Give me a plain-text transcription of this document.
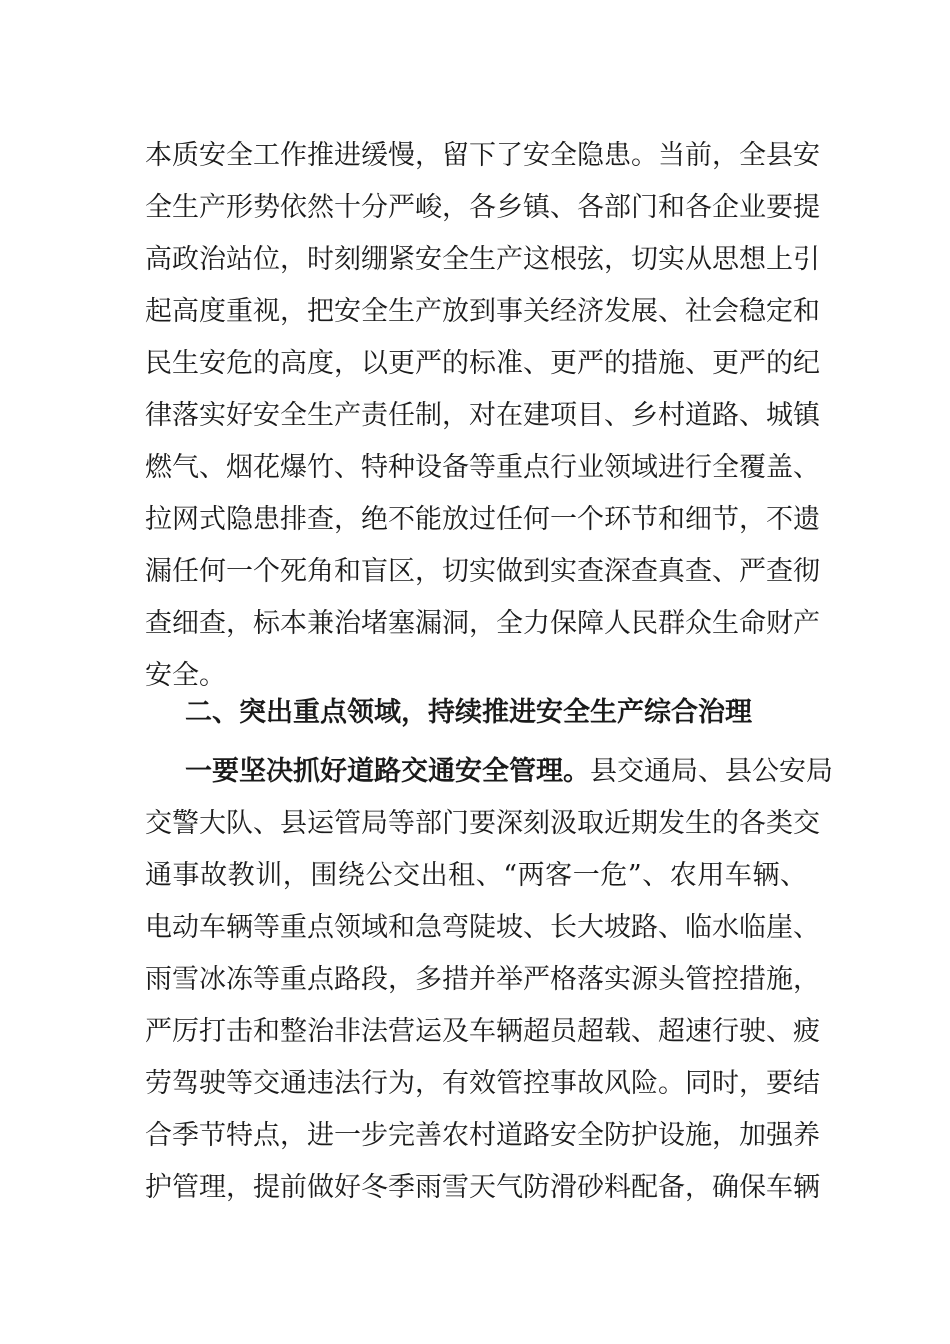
本质安全工作推进缓慢，留下了安全隐患。当前，全县安
全生产形势依然十分严峻，各乡镇、各部门和各企业要提
高政治站位，时刻绷紧安全生产这根弦，切实从思想上引
起高度重视，把安全生产放到事关经济发展、社会稳定和
民生安危的高度，以更严的标准、更严的措施、更严的纪
律落实好安全生产责任制，对在建项目、乡村道路、城镇
燃气、烟花爆竹、特种设备等重点行业领域进行全覆盖、
拉网式隐患排查，绝不能放过任何一个环节和细节，不遗
漏任何一个死角和盲区，切实做到实查深查真查、严查彻
查细查，标本兼治堵塞漏洞，全力保障人民群众生命财产
安全。
二、突出重点领域，持续推进安全生产综合治理
一要坚决抓好道路交通安全管理。县交通局、县公安局
交警大队、县运管局等部门要深刻汲取近期发生的各类交
通事故教训，围绕公交出租、“两客一危”、农用车辆、
电动车辆等重点领域和急弯陡坡、长大坡路、临水临崖、
雨雪冰冻等重点路段，多措并举严格落实源头管控措施，
严厉打击和整治非法营运及车辆超员超载、超速行驶、疲
劳驾驶等交通违法行为，有效管控事故风险。同时，要结
合季节特点，进一步完善农村道路安全防护设施，加强养
护管理，提前做好冬季雨雪天气防滑砂料配备，确保车辆
